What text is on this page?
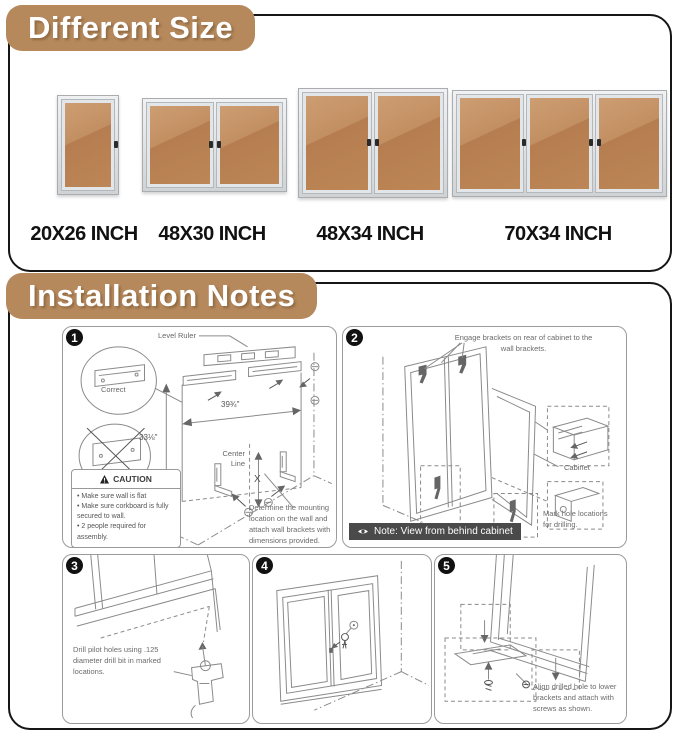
20X26 INCH	48X30 INCH	48X34 INCH	70X34 INCH
Different Size
1	Level Ruler
Correct
39¾"
33⅛"
Center Line
X
CAUTION
• Make sure wall is flat
• Make sure corkboard is fully secured to wall.
• 2 people required for assembly.
Determine the mounting location on the wall and attach wall brackets with dimensions provided.
2	Engage brackets on rear of cabinet to the wall brackets.
Cabinet
Mark hole locations for drilling.
Note: View from behind cabinet
3
Drill pilot holes using .125 diameter drill bit in marked locations.
4	5
Align drilled hole to lower brackets and attach with screws as shown.
Installation Notes
